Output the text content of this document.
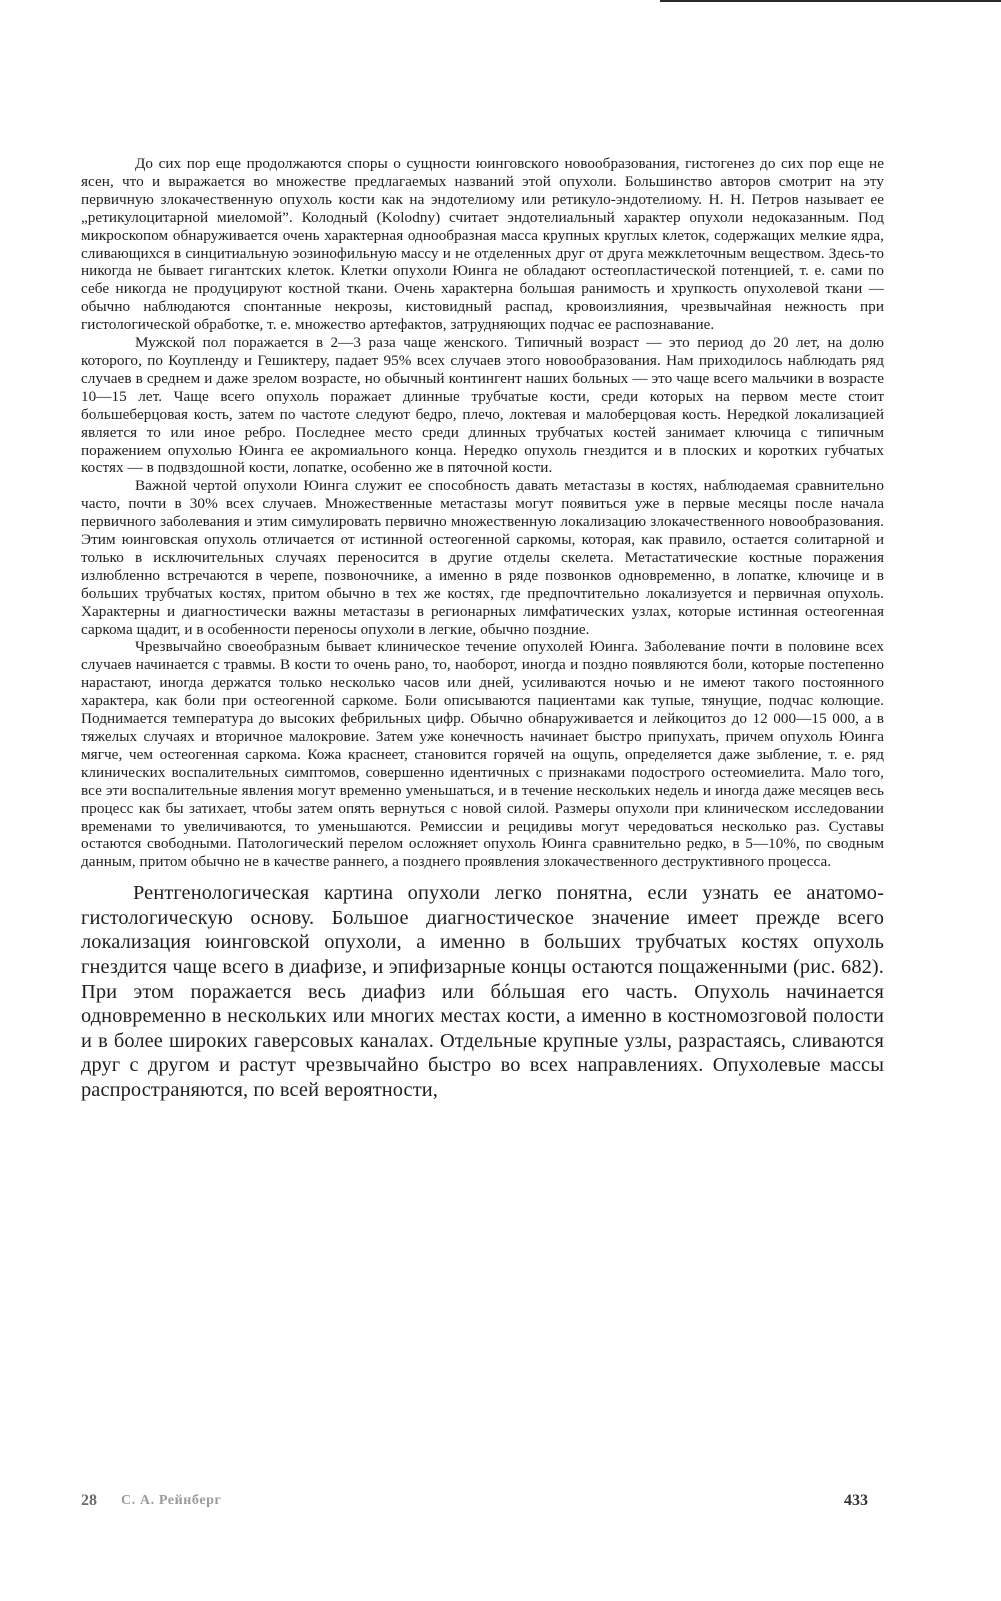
До сих пор еще продолжаются споры о сущности юинговского новообразования, гистогенез до сих пор еще не ясен, что и выражается во множестве предлагаемых названий этой опухоли. Большинство авторов смотрит на эту первичную злокачественную опухоль кости как на эндотелиому или ретикуло-эндотелиому. Н. Н. Петров называет ее „ретикулоцитарной миеломой”. Колодный (Kolodny) считает эндотелиальный характер опухоли недоказанным. Под микроскопом обнаруживается очень характерная однообразная масса крупных круглых клеток, содержащих мелкие ядра, сливающихся в синцитиальную эозинофильную массу и не отделенных друг от друга межклеточным веществом. Здесь-то никогда не бывает гигантских клеток. Клетки опухоли Юинга не обладают остеопластической потенцией, т. е. сами по себе никогда не продуцируют костной ткани. Очень характерна большая ранимость и хрупкость опухолевой ткани — обычно наблюдаются спонтанные некрозы, кистовидный распад, кровоизлияния, чрезвычайная нежность при гистологической обработке, т. е. множество артефактов, затрудняющих подчас ее распознавание.

Мужской пол поражается в 2—3 раза чаще женского. Типичный возраст — это период до 20 лет, на долю которого, по Коупленду и Гешиктеру, падает 95% всех случаев этого новообразования. Нам приходилось наблюдать ряд случаев в среднем и даже зрелом возрасте, но обычный контингент наших больных — это чаще всего мальчики в возрасте 10—15 лет. Чаще всего опухоль поражает длинные трубчатые кости, среди которых на первом месте стоит большеберцовая кость, затем по частоте следуют бедро, плечо, локтевая и малоберцовая кость. Нередкой локализацией является то или иное ребро. Последнее место среди длинных трубчатых костей занимает ключица с типичным поражением опухолью Юинга ее акромиального конца. Нередко опухоль гнездится и в плоских и коротких губчатых костях — в подвздошной кости, лопатке, особенно же в пяточной кости.

Важной чертой опухоли Юинга служит ее способность давать метастазы в костях, наблюдаемая сравнительно часто, почти в 30% всех случаев. Множественные метастазы могут появиться уже в первые месяцы после начала первичного заболевания и этим симулировать первично множественную локализацию злокачественного новообразования. Этим юинговская опухоль отличается от истинной остеогенной саркомы, которая, как правило, остается солитарной и только в исключительных случаях переносится в другие отделы скелета. Метастатические костные поражения излюбленно встречаются в черепе, позвоночнике, а именно в ряде позвонков одновременно, в лопатке, ключице и в больших трубчатых костях, притом обычно в тех же костях, где предпочтительно локализуется и первичная опухоль. Характерны и диагностически важны метастазы в регионарных лимфатических узлах, которые истинная остеогенная саркома щадит, и в особенности переносы опухоли в легкие, обычно поздние.

Чрезвычайно своеобразным бывает клиническое течение опухолей Юинга. Заболевание почти в половине всех случаев начинается с травмы. В кости то очень рано, то, наоборот, иногда и поздно появляются боли, которые постепенно нарастают, иногда держатся только несколько часов или дней, усиливаются ночью и не имеют такого постоянного характера, как боли при остеогенной саркоме. Боли описываются пациентами как тупые, тянущие, подчас колющие. Поднимается температура до высоких фебрильных цифр. Обычно обнаруживается и лейкоцитоз до 12 000—15 000, а в тяжелых случаях и вторичное малокровие. Затем уже конечность начинает быстро припухать, причем опухоль Юинга мягче, чем остеогенная саркома. Кожа краснеет, становится горячей на ощупь, определяется даже зыбление, т. е. ряд клинических воспалительных симптомов, совершенно идентичных с признаками подострого остеомиелита. Мало того, все эти воспалительные явления могут временно уменьшаться, и в течение нескольких недель и иногда даже месяцев весь процесс как бы затихает, чтобы затем опять вернуться с новой силой. Размеры опухоли при клиническом исследовании временами то увеличиваются, то уменьшаются. Ремиссии и рецидивы могут чередоваться несколько раз. Суставы остаются свободными. Патологический перелом осложняет опухоль Юинга сравнительно редко, в 5—10%, по сводным данным, притом обычно не в качестве раннего, а позднего проявления злокачественного деструктивного процесса.

Рентгенологическая картина опухоли легко понятна, если узнать ее анатомо-гистологическую основу. Большое диагностическое значение имеет прежде всего локализация юинговской опухоли, а именно в больших трубчатых костях опухоль гнездится чаще всего в диафизе, и эпифизарные концы остаются пощаженными (рис. 682). При этом поражается весь диафиз или бóльшая его часть. Опухоль начинается одновременно в нескольких или многих местах кости, а именно в костномозговой полости и в более широких гаверсовых каналах. Отдельные крупные узлы, разрастаясь, сливаются друг с другом и растут чрезвычайно быстро во всех направлениях. Опухолевые массы распространяются, по всей вероятности,

28 С. А. Рейнберг	433
